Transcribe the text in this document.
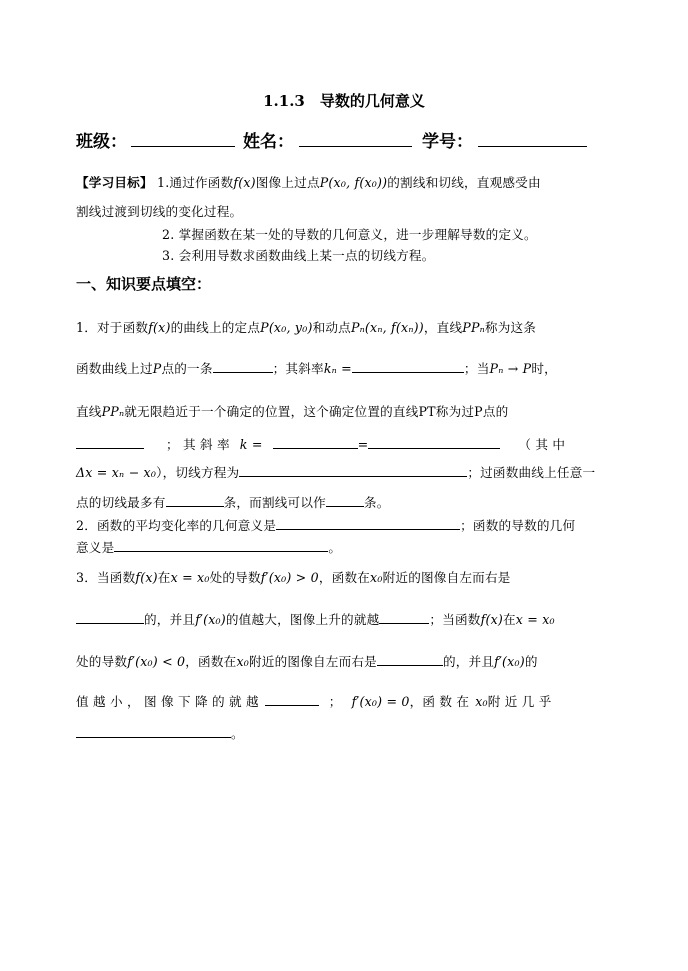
1.1.3　导数的几何意义
班级：	姓名：	学号：
【学习目标】 1.通过作函数f(x)图像上过点P(x₀, f(x₀))的割线和切线，直观感受由
割线过渡到切线的变化过程。
2. 掌握函数在某一处的导数的几何意义，进一步理解导数的定义。
3. 会利用导数求函数曲线上某一点的切线方程。
一、知识要点填空：
1．对于函数f(x)的曲线上的定点P(x₀, y₀)和动点Pₙ(xₙ, f(xₙ))，直线PPₙ称为这条
函数曲线上过P点的一条	；其斜率kₙ =	；当Pₙ → P时，
直线PPₙ就无限趋近于一个确定的位置，这个确定位置的直线PT称为过P点的
； 其 斜 率 k =	=	（ 其 中
Δx = xₙ − x₀），切线方程为	；过函数曲线上任意一
点的切线最多有	条，而割线可以作	条。
2．函数的平均变化率的几何意义是	；函数的导数的几何
意义是	。
3．当函数f(x)在x = x₀处的导数f′(x₀) > 0，函数在x₀附近的图像自左而右是
的，并且f′(x₀)的值越大，图像上升的就越	；当函数f(x)在x = x₀
处的导数f′(x₀) < 0，函数在x₀附近的图像自左而右是	的，并且f′(x₀)的
值 越 小 ， 图 像 下 降 的 就 越	； f′(x₀) = 0，函 数 在 x₀附 近 几 乎
。
